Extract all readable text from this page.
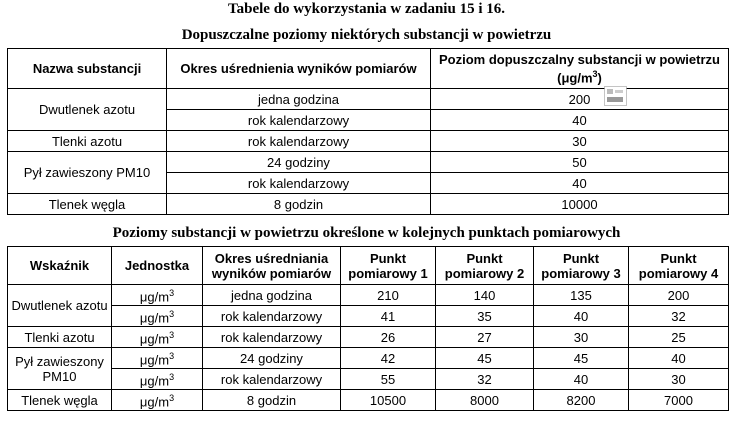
Tabele do wykorzystania w zadaniu 15 i 16.
Dopuszczalne poziomy niektórych substancji w powietrzu
Nazwa substancji	Okres uśrednienia wyników pomiarów	Poziom dopuszczalny substancji w powietrzu
$(\mu g/m^3)$
Dwutlenek azotu	jedna godzina	200
	rok kalendarzowy	40
Tlenki azotu	rok kalendarzowy	30
Pył zawieszony PM10	24 godziny	50
	rok kalendarzowy	40
Tlenek węgla	8 godzin	10000
Poziomy substancji w powietrzu określone w kolejnych punktach pomiarowych
Wskaźnik	Jednostka	Okres uśredniania wyników pomiarów	Punkt pomiarowy 1	Punkt pomiarowy 2	Punkt pomiarowy 3	Punkt pomiarowy 4
Dwutlenek azotu	$\mu g/m^3$	jedna godzina	210	140	135	200
	$\mu g/m^3$	rok kalendarzowy	41	35	40	32
Tlenki azotu	$\mu g/m^3$	rok kalendarzowy	26	27	30	25
Pył zawieszony PM10	$\mu g/m^3$	24 godziny	42	45	45	40
	$\mu g/m^3$	rok kalendarzowy	55	32	40	30
Tlenek węgla	$\mu g/m^3$	8 godzin	10500	8000	8200	7000
